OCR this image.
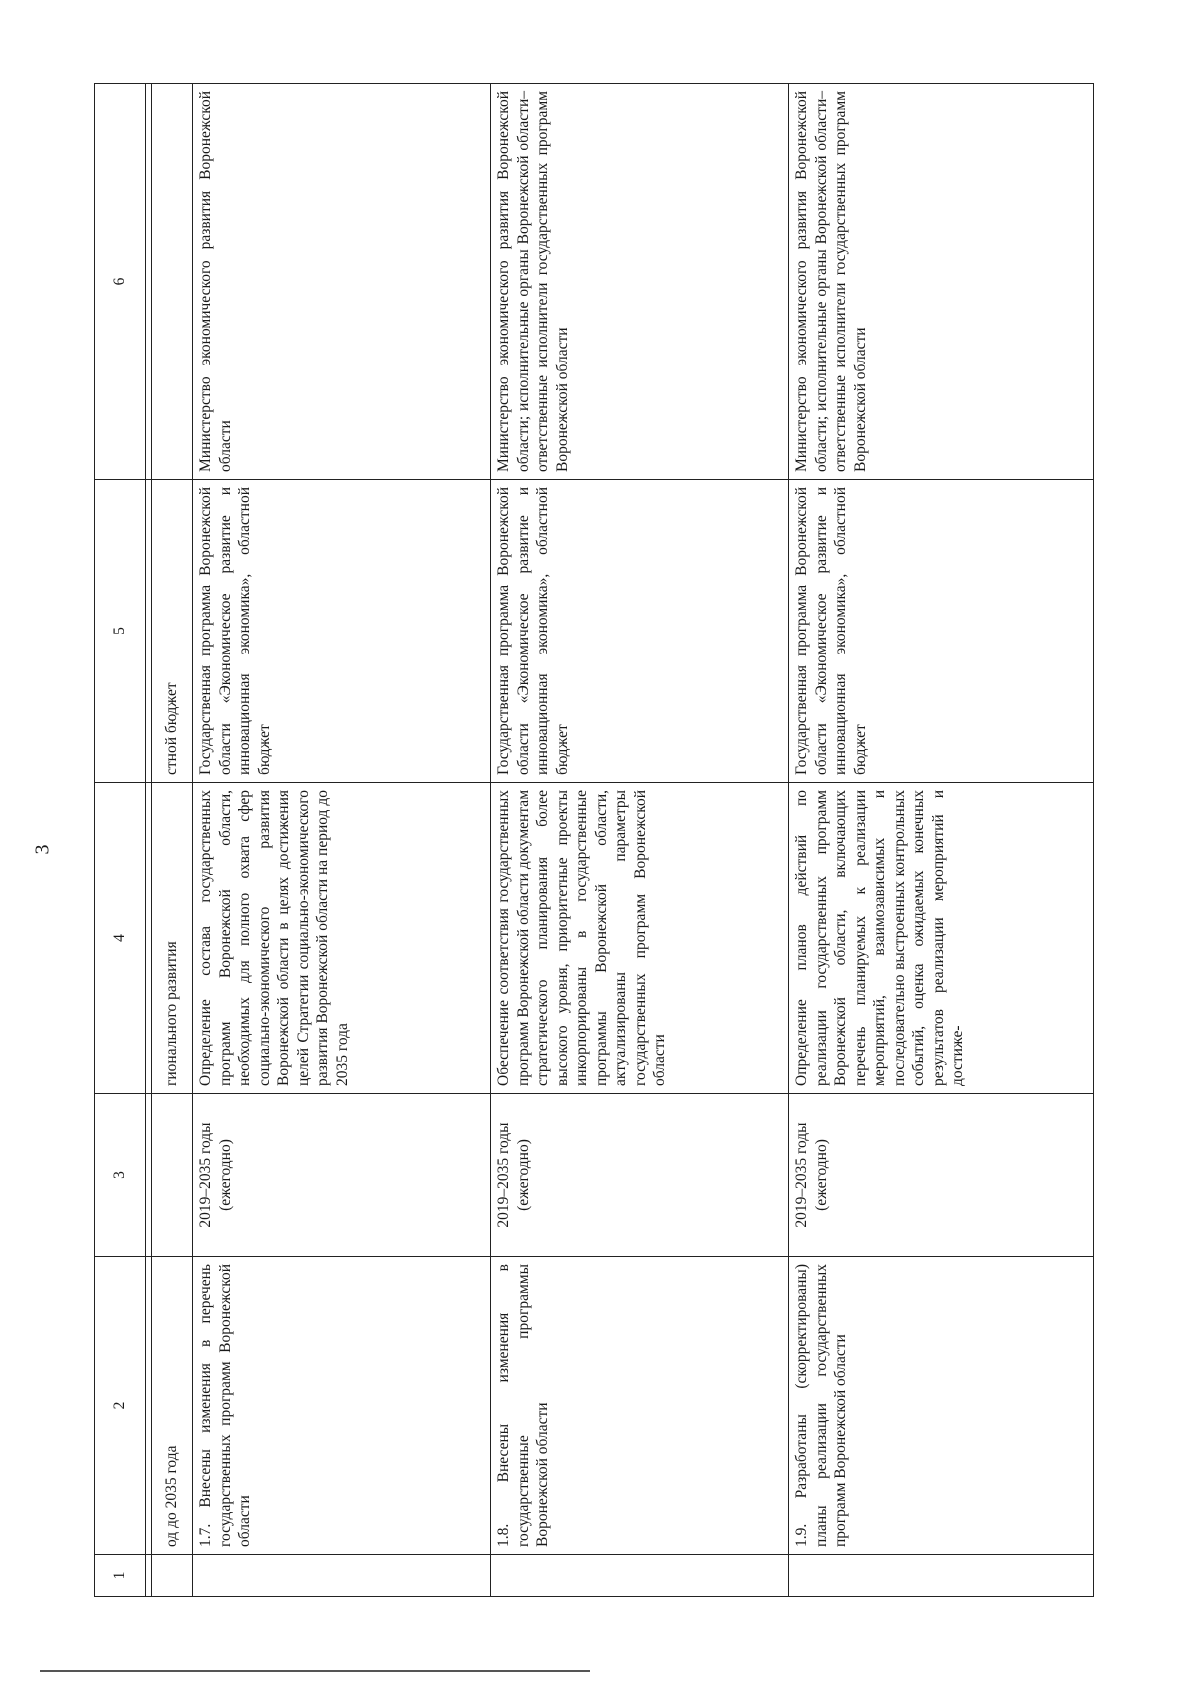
3
1	2	3	4	5	6

	од до 2035 года		гионального развития	стной бюджет	
	1.7. Внесены изменения в перечень государственных программ Воронежской области	2019–2035 годы (ежегодно)	Определение состава государственных программ Воронежской области, необходимых для полного охвата сфер социально-экономического развития Воронежской области в целях достижения целей Стратегии социально-экономического развития Воронежской области на период до 2035 года	Государственная программа Воронежской области «Экономическое развитие и инновационная экономика», областной бюджет	Министерство экономического развития Воронежской области
	1.8. Внесены изменения в государственные программы Воронежской области	2019–2035 годы (ежегодно)	Обеспечение соответствия государственных программ Воронежской области документам стратегического планирования более высокого уровня, приоритетные проекты инкорпорированы в государственные программы Воронежской области, актуализированы параметры государственных программ Воронежской области	Государственная программа Воронежской области «Экономическое развитие и инновационная экономика», областной бюджет	Министерство экономического развития Воронежской области; исполнительные органы Воронежской области– ответственные исполнители государственных программ Воронежской области
	1.9. Разработаны (скорректированы) планы реализации государственных программ Воронежской области	2019–2035 годы (ежегодно)	Определение планов действий по реализации государственных программ Воронежской области, включающих перечень планируемых к реализации мероприятий, взаимозависимых и последовательно выстроенных контрольных событий, оценка ожидаемых конечных результатов реализации мероприятий и достиже-	Государственная программа Воронежской области «Экономическое развитие и инновационная экономика», областной бюджет	Министерство экономического развития Воронежской области; исполнительные органы Воронежской области– ответственные исполнители государственных программ Воронежской области
